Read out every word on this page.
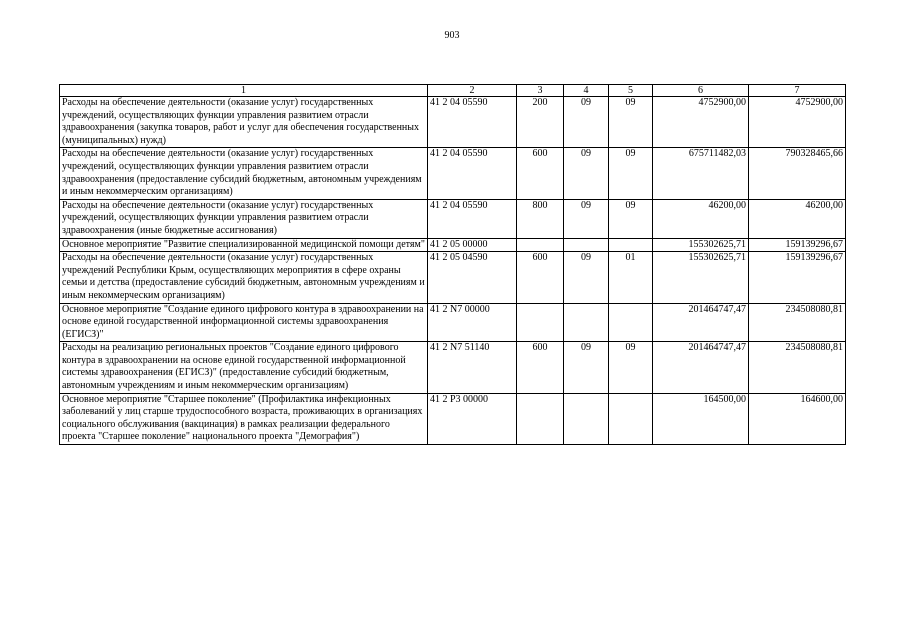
903
1	2	3	4	5	6	7
Расходы на обеспечение деятельности (оказание услуг) государственных учреждений, осуществляющих функции управления развитием отрасли здравоохранения (закупка товаров, работ и услуг для обеспечения государственных (муниципальных) нужд)	41 2 04 05590	200	09	09	4752900,00	4752900,00
Расходы на обеспечение деятельности (оказание услуг) государственных учреждений, осуществляющих функции управления развитием отрасли здравоохранения (предоставление субсидий бюджетным, автономным учреждениям и иным некоммерческим организациям)	41 2 04 05590	600	09	09	675711482,03	790328465,66
Расходы на обеспечение деятельности (оказание услуг) государственных учреждений, осуществляющих функции управления развитием отрасли здравоохранения (иные бюджетные ассигнования)	41 2 04 05590	800	09	09	46200,00	46200,00
Основное мероприятие "Развитие специализированной медицинской помощи детям"	41 2 05 00000				155302625,71	159139296,67
Расходы на обеспечение деятельности (оказание услуг) государственных учреждений Республики Крым, осуществляющих мероприятия в сфере охраны семьи и детства (предоставление субсидий бюджетным, автономным учреждениям и иным некоммерческим организациям)	41 2 05 04590	600	09	01	155302625,71	159139296,67
Основное мероприятие "Создание единого цифрового контура в здравоохранении на основе единой государственной информационной системы здравоохранения (ЕГИСЗ)"	41 2 N7 00000				201464747,47	234508080,81
Расходы на реализацию региональных проектов "Создание единого цифрового контура в здравоохранении на основе единой государственной информационной системы здравоохранения (ЕГИСЗ)" (предоставление субсидий бюджетным, автономным учреждениям и иным некоммерческим организациям)	41 2 N7 51140	600	09	09	201464747,47	234508080,81
Основное мероприятие "Старшее поколение" (Профилактика инфекционных заболеваний у лиц старше трудоспособного возраста, проживающих в организациях социального обслуживания (вакцинация) в рамках реализации федерального проекта "Старшее поколение" национального проекта "Демография")	41 2 P3 00000				164500,00	164600,00
